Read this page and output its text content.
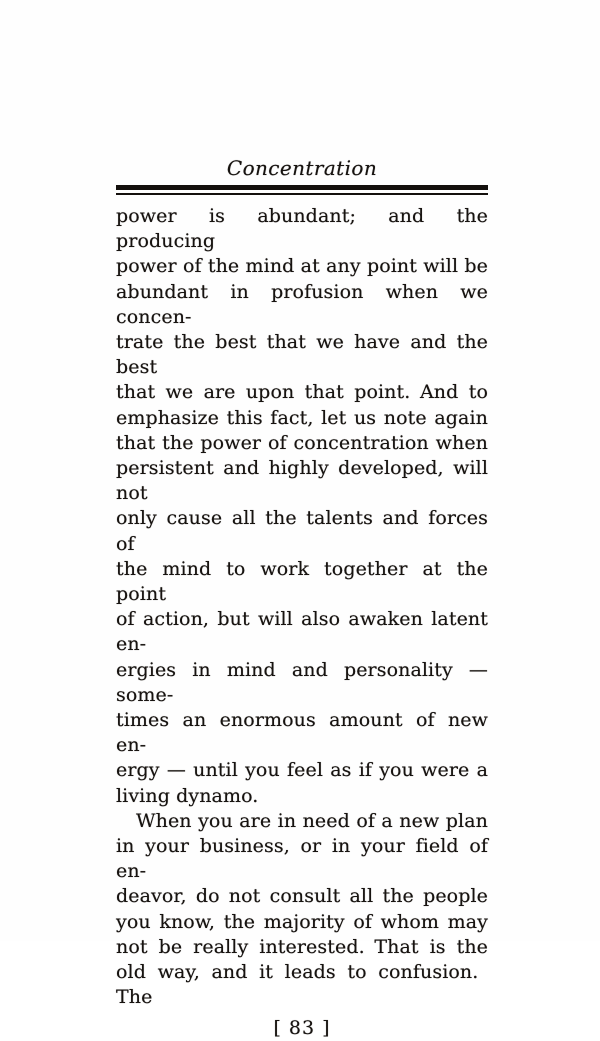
Concentration
power is abundant; and the producing
power of the mind at any point will be
abundant in profusion when we concen-
trate the best that we have and the best
that we are upon that point. And to
emphasize this fact, let us note again
that the power of concentration when
persistent and highly developed, will not
only cause all the talents and forces of
the mind to work together at the point
of action, but will also awaken latent en-
ergies in mind and personality — some-
times an enormous amount of new en-
ergy — until you feel as if you were a
living dynamo.
When you are in need of a new plan
in your business, or in your field of en-
deavor, do not consult all the people
you know, the majority of whom may
not be really interested. That is the
old way, and it leads to confusion. The
[ 83 ]
